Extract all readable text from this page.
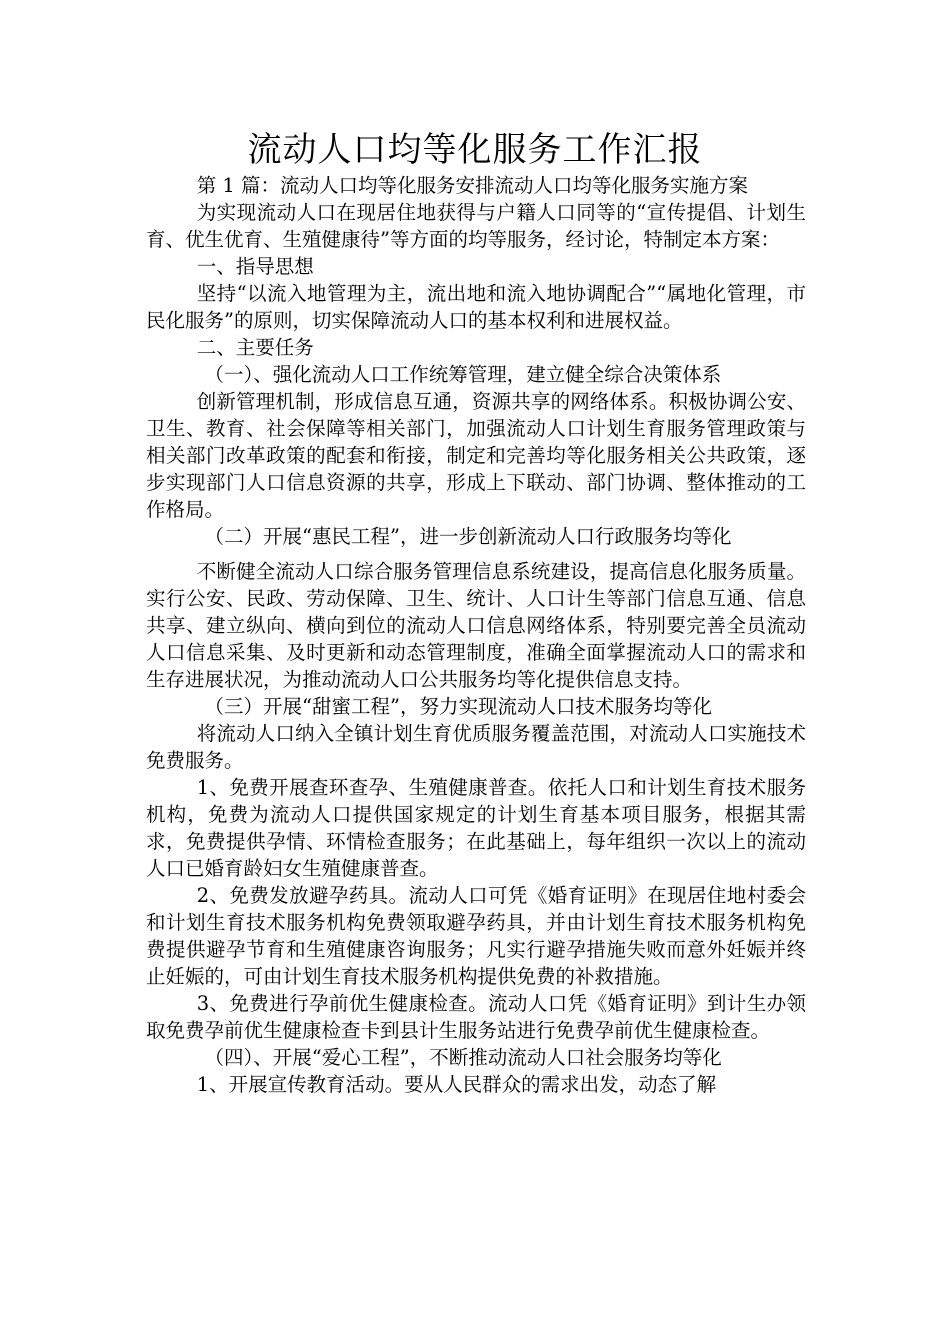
流动人口均等化服务工作汇报

第 1 篇：流动人口均等化服务安排流动人口均等化服务实施方案

为实现流动人口在现居住地获得与户籍人口同等的“宣传提倡、计划生育、优生优育、生殖健康待”等方面的均等服务，经讨论，特制定本方案：

一、指导思想

坚持“以流入地管理为主，流出地和流入地协调配合”“属地化管理，市民化服务”的原则，切实保障流动人口的基本权利和进展权益。

二、主要任务

（一）、强化流动人口工作统筹管理，建立健全综合决策体系

创新管理机制，形成信息互通，资源共享的网络体系。积极协调公安、卫生、教育、社会保障等相关部门，加强流动人口计划生育服务管理政策与相关部门改革政策的配套和衔接，制定和完善均等化服务相关公共政策，逐步实现部门人口信息资源的共享，形成上下联动、部门协调、整体推动的工作格局。

（二）开展“惠民工程”，进一步创新流动人口行政服务均等化

不断健全流动人口综合服务管理信息系统建设，提高信息化服务质量。实行公安、民政、劳动保障、卫生、统计、人口计生等部门信息互通、信息共享、建立纵向、横向到位的流动人口信息网络体系，特别要完善全员流动人口信息采集、及时更新和动态管理制度，准确全面掌握流动人口的需求和生存进展状况，为推动流动人口公共服务均等化提供信息支持。

（三）开展“甜蜜工程”，努力实现流动人口技术服务均等化

将流动人口纳入全镇计划生育优质服务覆盖范围，对流动人口实施技术免费服务。

1、免费开展查环查孕、生殖健康普查。依托人口和计划生育技术服务机构，免费为流动人口提供国家规定的计划生育基本项目服务，根据其需求，免费提供孕情、环情检查服务；在此基础上，每年组织一次以上的流动人口已婚育龄妇女生殖健康普查。

2、免费发放避孕药具。流动人口可凭《婚育证明》在现居住地村委会和计划生育技术服务机构免费领取避孕药具，并由计划生育技术服务机构免费提供避孕节育和生殖健康咨询服务；凡实行避孕措施失败而意外妊娠并终止妊娠的，可由计划生育技术服务机构提供免费的补救措施。

3、免费进行孕前优生健康检查。流动人口凭《婚育证明》到计生办领取免费孕前优生健康检查卡到县计生服务站进行免费孕前优生健康检查。

（四）、开展“爱心工程”，不断推动流动人口社会服务均等化

1、开展宣传教育活动。要从人民群众的需求出发，动态了解
